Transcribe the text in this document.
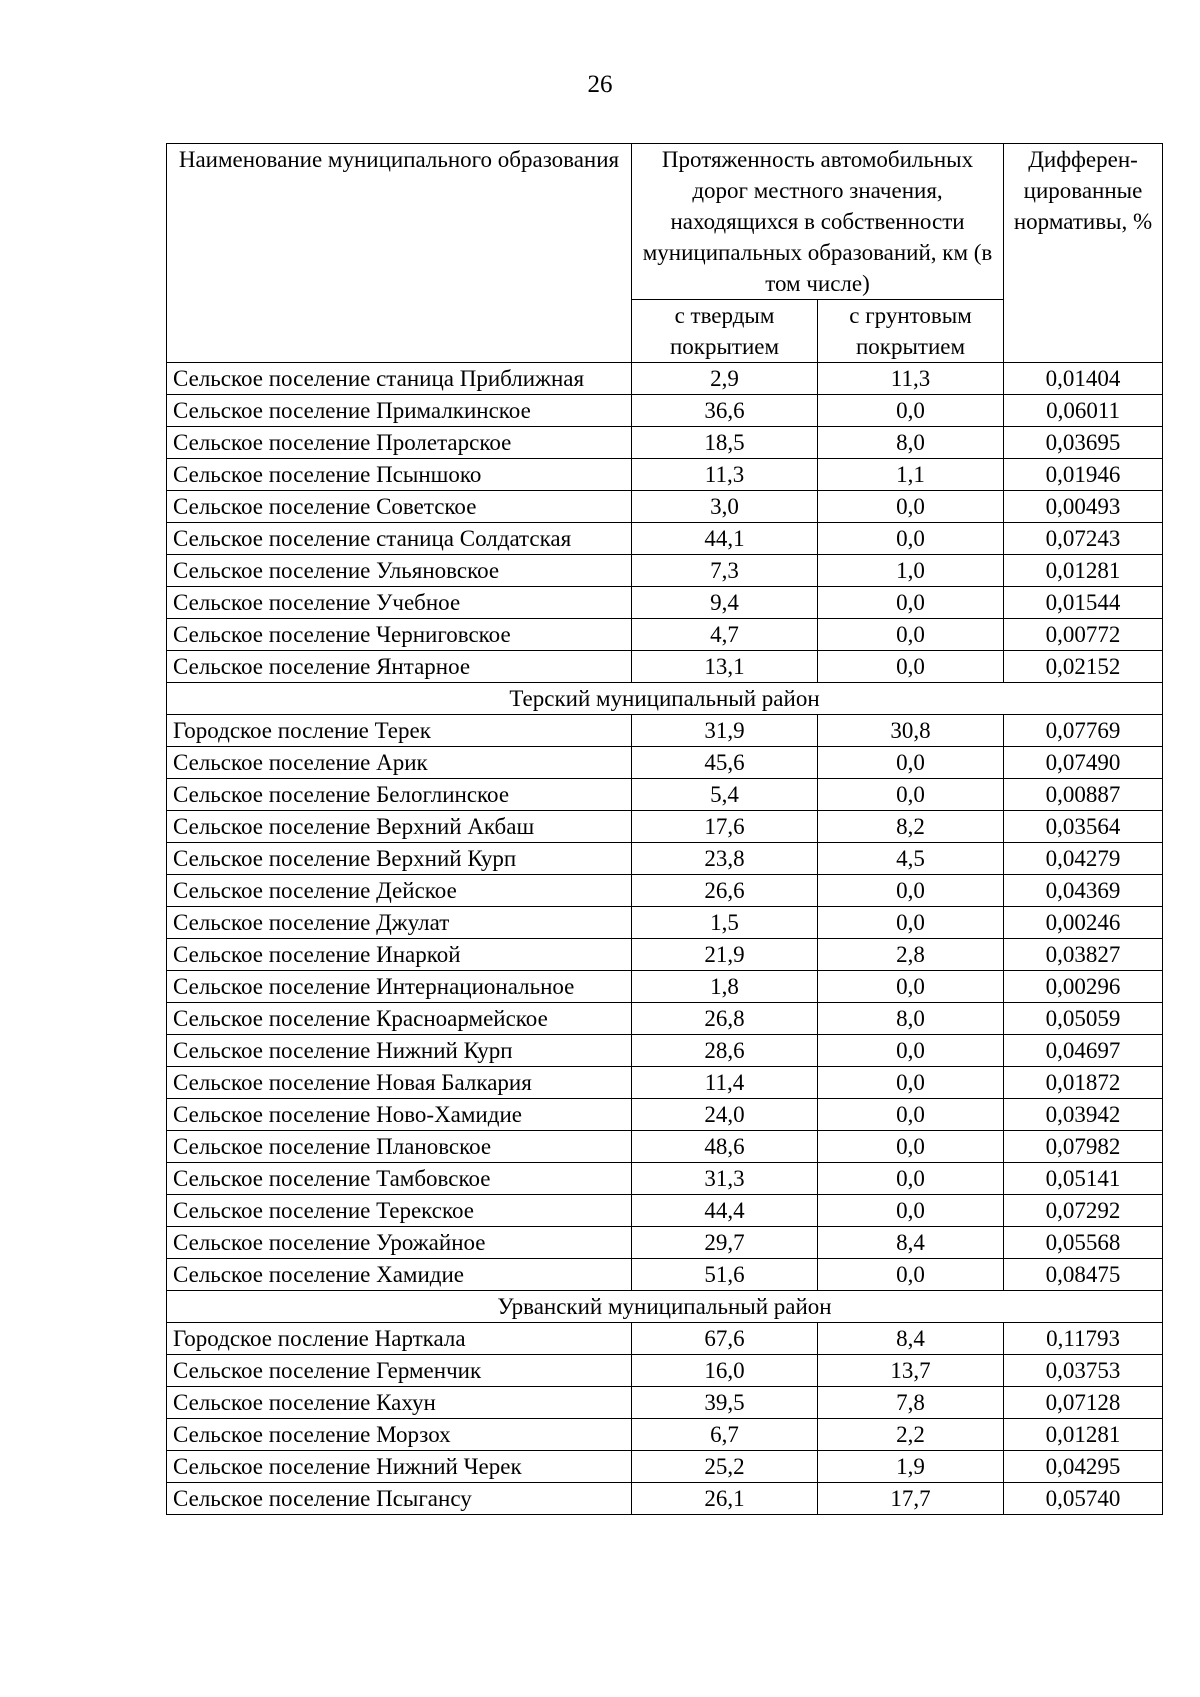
26
Наименование муниципального образования	Протяженность автомобильных дорог местного значения, находящихся в собственности муниципальных образований, км (в том числе)		Дифферен-цированные нормативы, %
	с твердым покрытием	с грунтовым покрытием	
Сельское поселение станица Приближная	2,9	11,3	0,01404
Сельское поселение Прималкинское	36,6	0,0	0,06011
Сельское поселение Пролетарское	18,5	8,0	0,03695
Сельское поселение Псыншоко	11,3	1,1	0,01946
Сельское поселение Советское	3,0	0,0	0,00493
Сельское поселение станица Солдатская	44,1	0,0	0,07243
Сельское поселение Ульяновское	7,3	1,0	0,01281
Сельское поселение Учебное	9,4	0,0	0,01544
Сельское поселение Черниговское	4,7	0,0	0,00772
Сельское поселение Янтарное	13,1	0,0	0,02152
Терский муниципальный район			
Городское посление Терек	31,9	30,8	0,07769
Сельское поселение Арик	45,6	0,0	0,07490
Сельское поселение Белоглинское	5,4	0,0	0,00887
Сельское поселение Верхний Акбаш	17,6	8,2	0,03564
Сельское поселение Верхний Курп	23,8	4,5	0,04279
Сельское поселение Дейское	26,6	0,0	0,04369
Сельское поселение Джулат	1,5	0,0	0,00246
Сельское поселение Инаркой	21,9	2,8	0,03827
Сельское поселение Интернациональное	1,8	0,0	0,00296
Сельское поселение Красноармейское	26,8	8,0	0,05059
Сельское поселение Нижний Курп	28,6	0,0	0,04697
Сельское поселение Новая Балкария	11,4	0,0	0,01872
Сельское поселение Ново-Хамидие	24,0	0,0	0,03942
Сельское поселение Плановское	48,6	0,0	0,07982
Сельское поселение Тамбовское	31,3	0,0	0,05141
Сельское поселение Терекское	44,4	0,0	0,07292
Сельское поселение Урожайное	29,7	8,4	0,05568
Сельское поселение Хамидие	51,6	0,0	0,08475
Урванский муниципальный район			
Городское посление Нарткала	67,6	8,4	0,11793
Сельское поселение Герменчик	16,0	13,7	0,03753
Сельское поселение Кахун	39,5	7,8	0,07128
Сельское поселение Морзох	6,7	2,2	0,01281
Сельское поселение Нижний Черек	25,2	1,9	0,04295
Сельское поселение Псыгансу	26,1	17,7	0,05740
